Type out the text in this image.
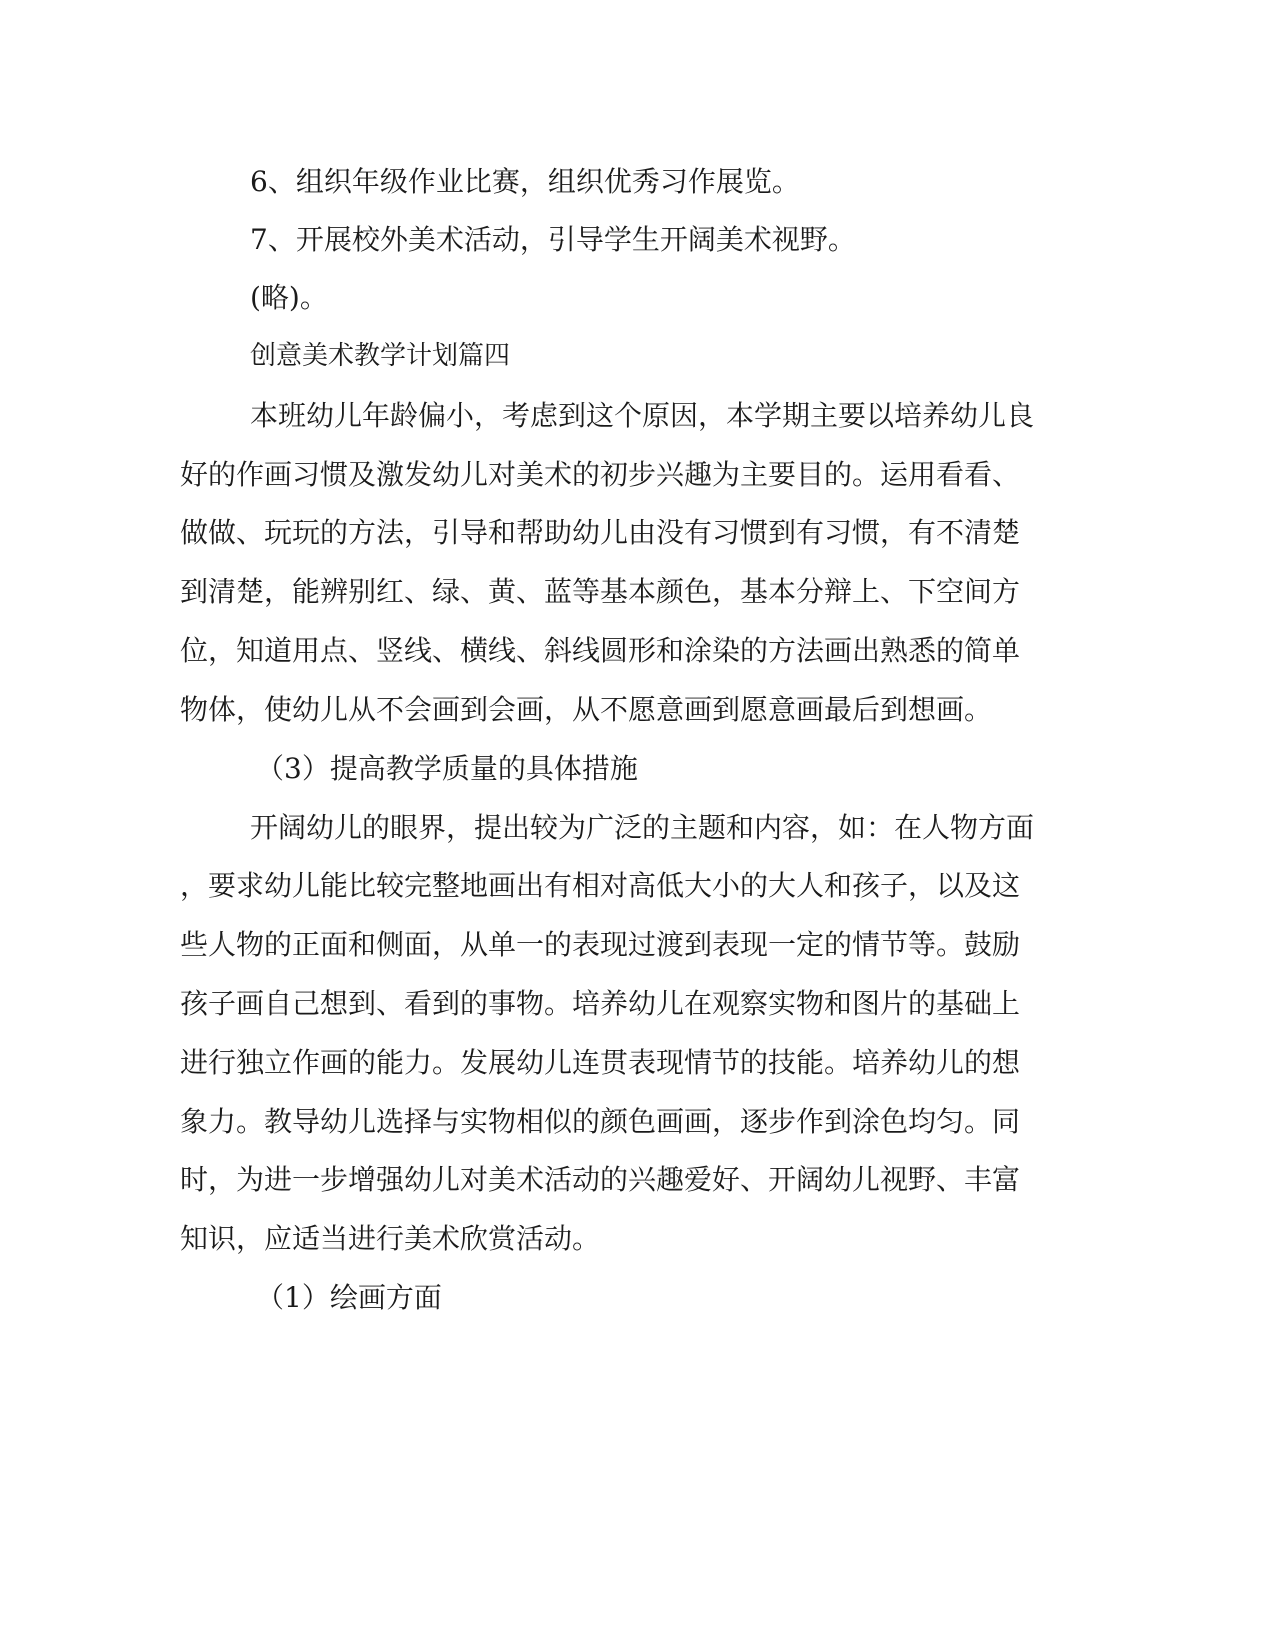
6、组织年级作业比赛，组织优秀习作展览。
7、开展校外美术活动，引导学生开阔美术视野。
(略)。
创意美术教学计划篇四
本班幼儿年龄偏小，考虑到这个原因，本学期主要以培养幼儿良
好的作画习惯及激发幼儿对美术的初步兴趣为主要目的。运用看看、
做做、玩玩的方法，引导和帮助幼儿由没有习惯到有习惯，有不清楚
到清楚，能辨别红、绿、黄、蓝等基本颜色，基本分辩上、下空间方
位，知道用点、竖线、横线、斜线圆形和涂染的方法画出熟悉的简单
物体，使幼儿从不会画到会画，从不愿意画到愿意画最后到想画。
（3）提高教学质量的具体措施
开阔幼儿的眼界，提出较为广泛的主题和内容，如：在人物方面
，要求幼儿能比较完整地画出有相对高低大小的大人和孩子，以及这
些人物的正面和侧面，从单一的表现过渡到表现一定的情节等。鼓励
孩子画自己想到、看到的事物。培养幼儿在观察实物和图片的基础上
进行独立作画的能力。发展幼儿连贯表现情节的技能。培养幼儿的想
象力。教导幼儿选择与实物相似的颜色画画，逐步作到涂色均匀。同
时，为进一步增强幼儿对美术活动的兴趣爱好、开阔幼儿视野、丰富
知识，应适当进行美术欣赏活动。
（1）绘画方面
